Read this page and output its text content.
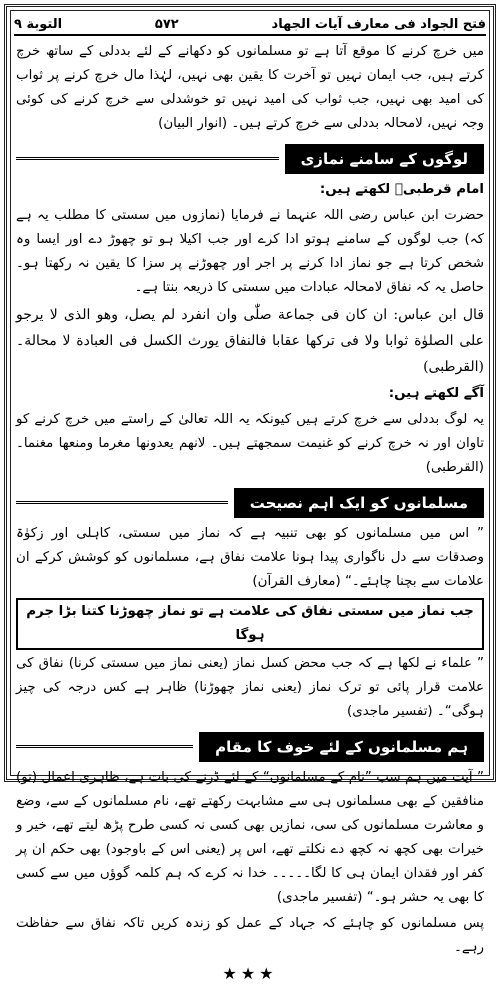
فتح الجواد فی معارف آیات الجهاد
۵۷۲
التوبة ۹

میں خرچ کرنے کا موقع آتا ہے تو مسلمانوں کو دکھانے کے لئے بددلی کے ساتھ خرچ کرتے ہیں، جب ایمان نہیں تو آخرت کا یقین بھی نہیں، لہٰذا مال خرچ کرنے پر ثواب کی امید بھی نہیں، جب ثواب کی امید نہیں تو خوشدلی سے خرچ کرنے کی کوئی وجہ نہیں، لامحالہ بددلی سے خرچ کرتے ہیں۔ (انوار البیان)

لوگوں کے سامنے نمازی

امام قرطبیؒ لکھتے ہیں:

حضرت ابن عباس رضی اللہ عنہما نے فرمایا (نمازوں میں سستی کا مطلب یہ ہے کہ) جب لوگوں کے سامنے ہوتو ادا کرے اور جب اکیلا ہو تو چھوڑ دے اور ایسا وہ شخص کرتا ہے جو نماز ادا کرنے پر اجر اور چھوڑنے پر سزا کا یقین نہ رکھتا ہو۔ حاصل یہ کہ نفاق لامحالہ عبادات میں سستی کا ذریعہ بنتا ہے۔

قال ابن عباس: ان کان فی جماعة صلّٰی وان انفرد لم یصل، وهو الذی لا یرجو علی الصلوٰة ثوابا ولا فی ترکها عقابا فالنفاق یورث الکسل فی العبادة لا محالة۔ (القرطبی)

آگے لکھتے ہیں:

یہ لوگ بددلی سے خرچ کرتے ہیں کیونکہ یہ اللہ تعالیٰ کے راستے میں خرچ کرنے کو تاوان اور نہ خرچ کرنے کو غنیمت سمجھتے ہیں۔ لانهم یعدونها مغرما ومنعها مغنما۔ (القرطبی)

مسلمانوں کو ایک اہم نصیحت

” اس میں مسلمانوں کو بھی تنبیہ ہے کہ نماز میں سستی، کاہلی اور زکوٰۃ وصدقات سے دل ناگواری پیدا ہونا علامت نفاق ہے، مسلمانوں کو کوشش کرکے ان علامات سے بچنا چاہئے۔“ (معارف القرآن)

جب نماز میں سستی نفاق کی علامت ہے تو نماز چھوڑنا کتنا بڑا جرم ہوگا

” علماء نے لکھا ہے کہ جب محض کسل نماز (یعنی نماز میں سستی کرنا) نفاق کی علامت قرار پائی تو ترک نماز (یعنی نماز چھوڑنا) ظاہر ہے کس درجہ کی چیز ہوگی“۔ (تفسیر ماجدی)

ہم مسلمانوں کے لئے خوف کا مقام

” آیت میں ہم سب ”نام کے مسلمانوں“ کے لئے ڈرنے کی بات ہے، ظاہری اعمال (تو) منافقین کے بھی مسلمانوں ہی سے مشابہت رکھتے تھے، نام مسلمانوں کے سے، وضع و معاشرت مسلمانوں کی سی، نمازیں بھی کسی نہ کسی طرح پڑھ لیتے تھے، خیر و خیرات بھی کچھ نہ کچھ دے نکلتے تھے، اس پر (یعنی اس کے باوجود) بھی حکم ان پر کفر اور فقدان ایمان ہی کا لگا۔۔۔۔۔ خدا نہ کرے کہ ہم کلمہ گوؤں میں سے کسی کا بھی یہ حشر ہو۔“ (تفسیر ماجدی)

پس مسلمانوں کو چاہئے کہ جہاد کے عمل کو زندہ کریں تاکہ نفاق سے حفاظت رہے۔

★★★
